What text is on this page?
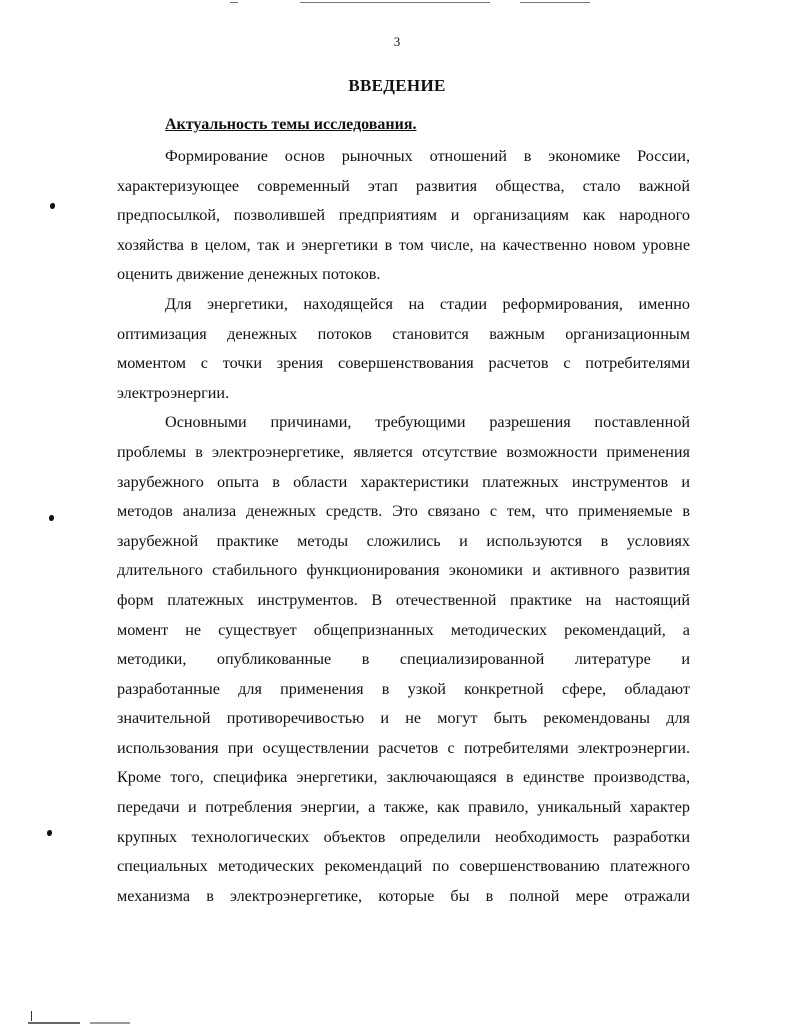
3
ВВЕДЕНИЕ
Актуальность темы исследования.
Формирование основ рыночных отношений в экономике России,
характеризующее современный этап развития общества, стало важной
предпосылкой, позволившей предприятиям и организациям как народного
хозяйства в целом, так и энергетики в том числе, на качественно новом уровне
оценить движение денежных потоков.
Для энергетики, находящейся на стадии реформирования, именно
оптимизация денежных потоков становится важным организационным
моментом с точки зрения совершенствования расчетов с потребителями
электроэнергии.
Основными причинами, требующими разрешения поставленной
проблемы в электроэнергетике, является отсутствие возможности применения
зарубежного опыта в области характеристики платежных инструментов и
методов анализа денежных средств. Это связано с тем, что применяемые в
зарубежной практике методы сложились и используются в условиях
длительного стабильного функционирования экономики и активного развития
форм платежных инструментов. В отечественной практике на настоящий
момент не существует общепризнанных методических рекомендаций, а
методики, опубликованные в специализированной литературе и
разработанные для применения в узкой конкретной сфере, обладают
значительной противоречивостью и не могут быть рекомендованы для
использования при осуществлении расчетов с потребителями электроэнергии.
Кроме того, специфика энергетики, заключающаяся в единстве производства,
передачи и потребления энергии, а также, как правило, уникальный характер
крупных технологических объектов определили необходимость разработки
специальных методических рекомендаций по совершенствованию платежного
механизма в электроэнергетике, которые бы в полной мере отражали
